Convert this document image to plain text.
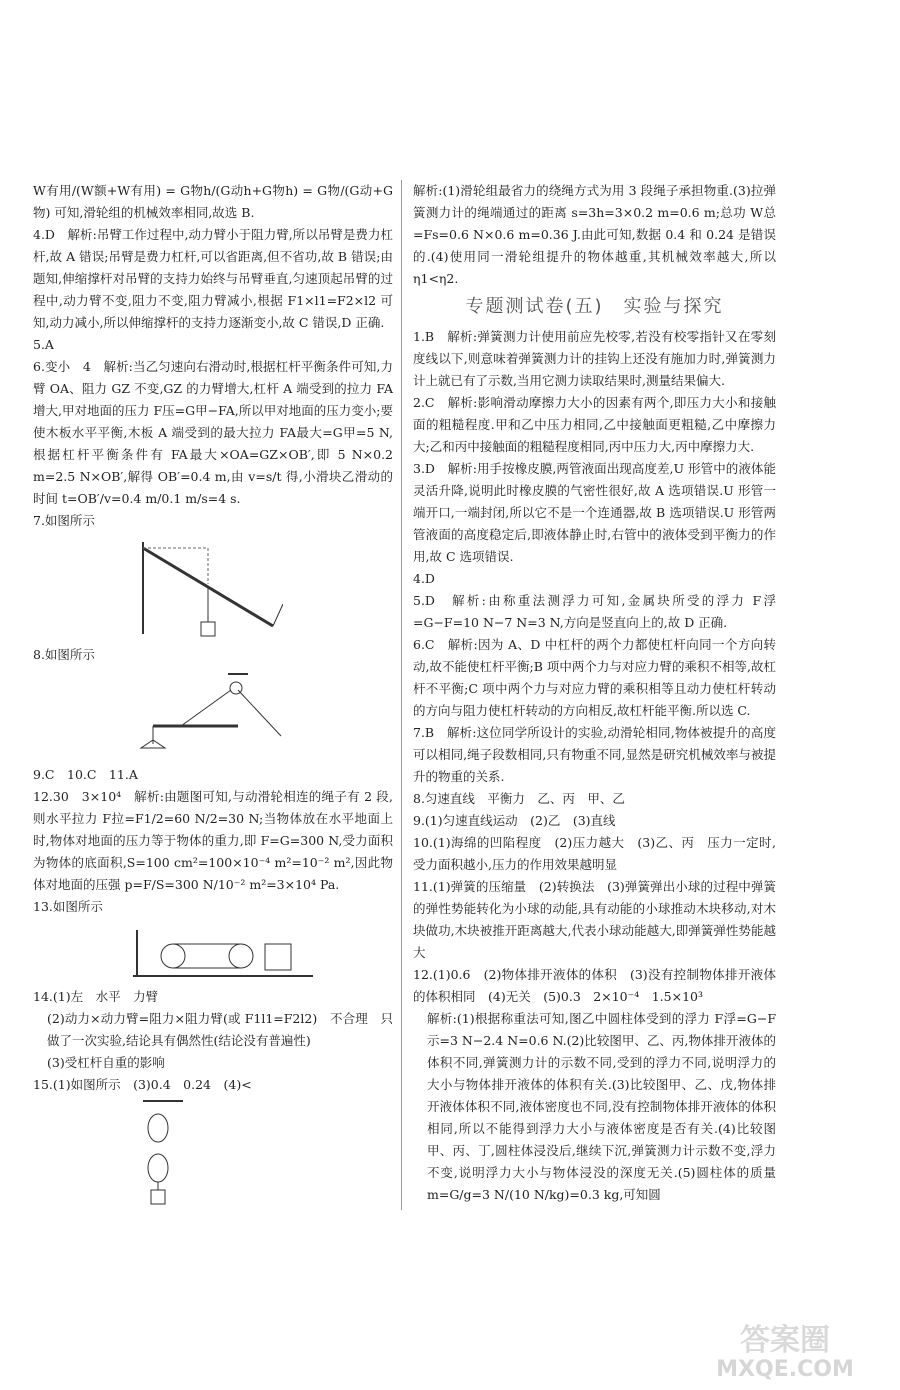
W有用/(W额+W有用) = G物h/(G动h+G物h) = G物/(G动+G物) 可知,滑轮组的机械效率相同,故选 B.

4.D　解析:吊臂工作过程中,动力臂小于阻力臂,所以吊臂是费力杠杆,故 A 错误;吊臂是费力杠杆,可以省距离,但不省功,故 B 错误;由题知,伸缩撑杆对吊臂的支持力始终与吊臂垂直,匀速顶起吊臂的过程中,动力臂不变,阻力不变,阻力臂减小,根据 F1×l1=F2×l2 可知,动力减小,所以伸缩撑杆的支持力逐渐变小,故 C 错误,D 正确.

5.A

6.变小　4　解析:当乙匀速向右滑动时,根据杠杆平衡条件可知,力臂 OA、阻力 GZ 不变,GZ 的力臂增大,杠杆 A 端受到的拉力 FA 增大,甲对地面的压力 F压=G甲−FA,所以甲对地面的压力变小;要使木板水平平衡,木板 A 端受到的最大拉力 FA最大=G甲=5 N,根据杠杆平衡条件有 FA最大×OA=GZ×OB′,即 5 N×0.2 m=2.5 N×OB′,解得 OB′=0.4 m,由 v=s/t 得,小滑块乙滑动的时间 t=OB′/v=0.4 m/0.1 m/s=4 s.

7.如图所示

8.如图所示

9.C　10.C　11.A

12.30　3×10⁴　解析:由题图可知,与动滑轮相连的绳子有 2 段,则水平拉力 F拉=F1/2=60 N/2=30 N;当物体放在水平地面上时,物体对地面的压力等于物体的重力,即 F=G=300 N,受力面积为物体的底面积,S=100 cm²=100×10⁻⁴ m²=10⁻² m²,因此物体对地面的压强 p=F/S=300 N/10⁻² m²=3×10⁴ Pa.

13.如图所示

14.(1)左　水平　力臂

(2)动力×动力臂=阻力×阻力臂(或 F1l1=F2l2)　不合理　只做了一次实验,结论具有偶然性(结论没有普遍性)

(3)受杠杆自重的影响

15.(1)如图所示　(3)0.4　0.24　(4)<

解析:(1)滑轮组最省力的绕绳方式为用 3 段绳子承担物重.(3)拉弹簧测力计的绳端通过的距离 s=3h=3×0.2 m=0.6 m;总功 W总=Fs=0.6 N×0.6 m=0.36 J.由此可知,数据 0.4 和 0.24 是错误的.(4)使用同一滑轮组提升的物体越重,其机械效率越大,所以 η1<η2.

专题测试卷(五)　实验与探究

1.B　解析:弹簧测力计使用前应先校零,若没有校零指针又在零刻度线以下,则意味着弹簧测力计的挂钩上还没有施加力时,弹簧测力计上就已有了示数,当用它测力读取结果时,测量结果偏大.

2.C　解析:影响滑动摩擦力大小的因素有两个,即压力大小和接触面的粗糙程度.甲和乙中压力相同,乙中接触面更粗糙,乙中摩擦力大;乙和丙中接触面的粗糙程度相同,丙中压力大,丙中摩擦力大.

3.D　解析:用手按橡皮膜,两管液面出现高度差,U 形管中的液体能灵活升降,说明此时橡皮膜的气密性很好,故 A 选项错误.U 形管一端开口,一端封闭,所以它不是一个连通器,故 B 选项错误.U 形管两管液面的高度稳定后,即液体静止时,右管中的液体受到平衡力的作用,故 C 选项错误.

4.D

5.D　解析:由称重法测浮力可知,金属块所受的浮力 F浮=G−F=10 N−7 N=3 N,方向是竖直向上的,故 D 正确.

6.C　解析:因为 A、D 中杠杆的两个力都使杠杆向同一个方向转动,故不能使杠杆平衡;B 项中两个力与对应力臂的乘积不相等,故杠杆不平衡;C 项中两个力与对应力臂的乘积相等且动力使杠杆转动的方向与阻力使杠杆转动的方向相反,故杠杆能平衡.所以选 C.

7.B　解析:这位同学所设计的实验,动滑轮相同,物体被提升的高度可以相同,绳子段数相同,只有物重不同,显然是研究机械效率与被提升的物重的关系.

8.匀速直线　平衡力　乙、丙　甲、乙

9.(1)匀速直线运动　(2)乙　(3)直线

10.(1)海绵的凹陷程度　(2)压力越大　(3)乙、丙　压力一定时,受力面积越小,压力的作用效果越明显

11.(1)弹簧的压缩量　(2)转换法　(3)弹簧弹出小球的过程中弹簧的弹性势能转化为小球的动能,具有动能的小球推动木块移动,对木块做功,木块被推开距离越大,代表小球动能越大,即弹簧弹性势能越大

12.(1)0.6　(2)物体排开液体的体积　(3)没有控制物体排开液体的体积相同　(4)无关　(5)0.3　2×10⁻⁴　1.5×10³

解析:(1)根据称重法可知,图乙中圆柱体受到的浮力 F浮=G−F示=3 N−2.4 N=0.6 N.(2)比较图甲、乙、丙,物体排开液体的体积不同,弹簧测力计的示数不同,受到的浮力不同,说明浮力的大小与物体排开液体的体积有关.(3)比较图甲、乙、戊,物体排开液体体积不同,液体密度也不同,没有控制物体排开液体的体积相同,所以不能得到浮力大小与液体密度是否有关.(4)比较图甲、丙、丁,圆柱体浸没后,继续下沉,弹簧测力计示数不变,浮力不变,说明浮力大小与物体浸没的深度无关.(5)圆柱体的质量 m=G/g=3 N/(10 N/kg)=0.3 kg,可知圆

答案圈
MXQE.COM
